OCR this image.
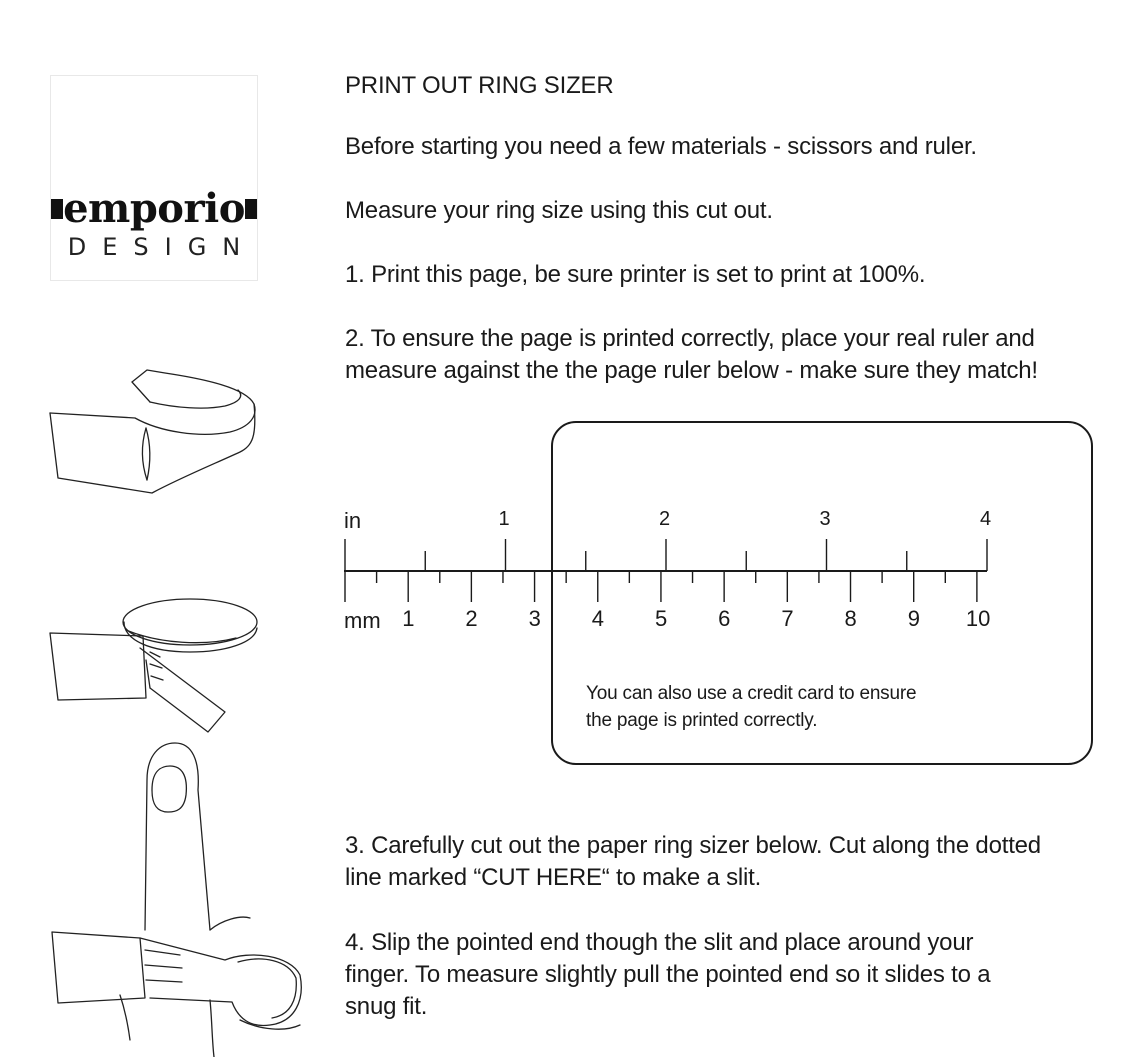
emporio
DESIGN
PRINT OUT RING SIZER
Before starting you need a few materials - scissors and ruler.
Measure your ring size using this cut out.
1. Print this page, be sure printer is set to print at 100%.
2. To ensure the page is printed correctly, place your real ruler and
measure against the the page ruler below - make sure they match!
3. Carefully cut out the paper ring sizer below. Cut along the dotted
line marked “CUT HERE“ to make a slit.
4. Slip the pointed end though the slit and place around your
finger. To measure slightly pull the pointed end so it slides to a
snug fit.
in
mm
1	2	3	4
1 2 3 4 5 6 7 8 9 10
You can also use a credit card to ensure
the page is printed correctly.
